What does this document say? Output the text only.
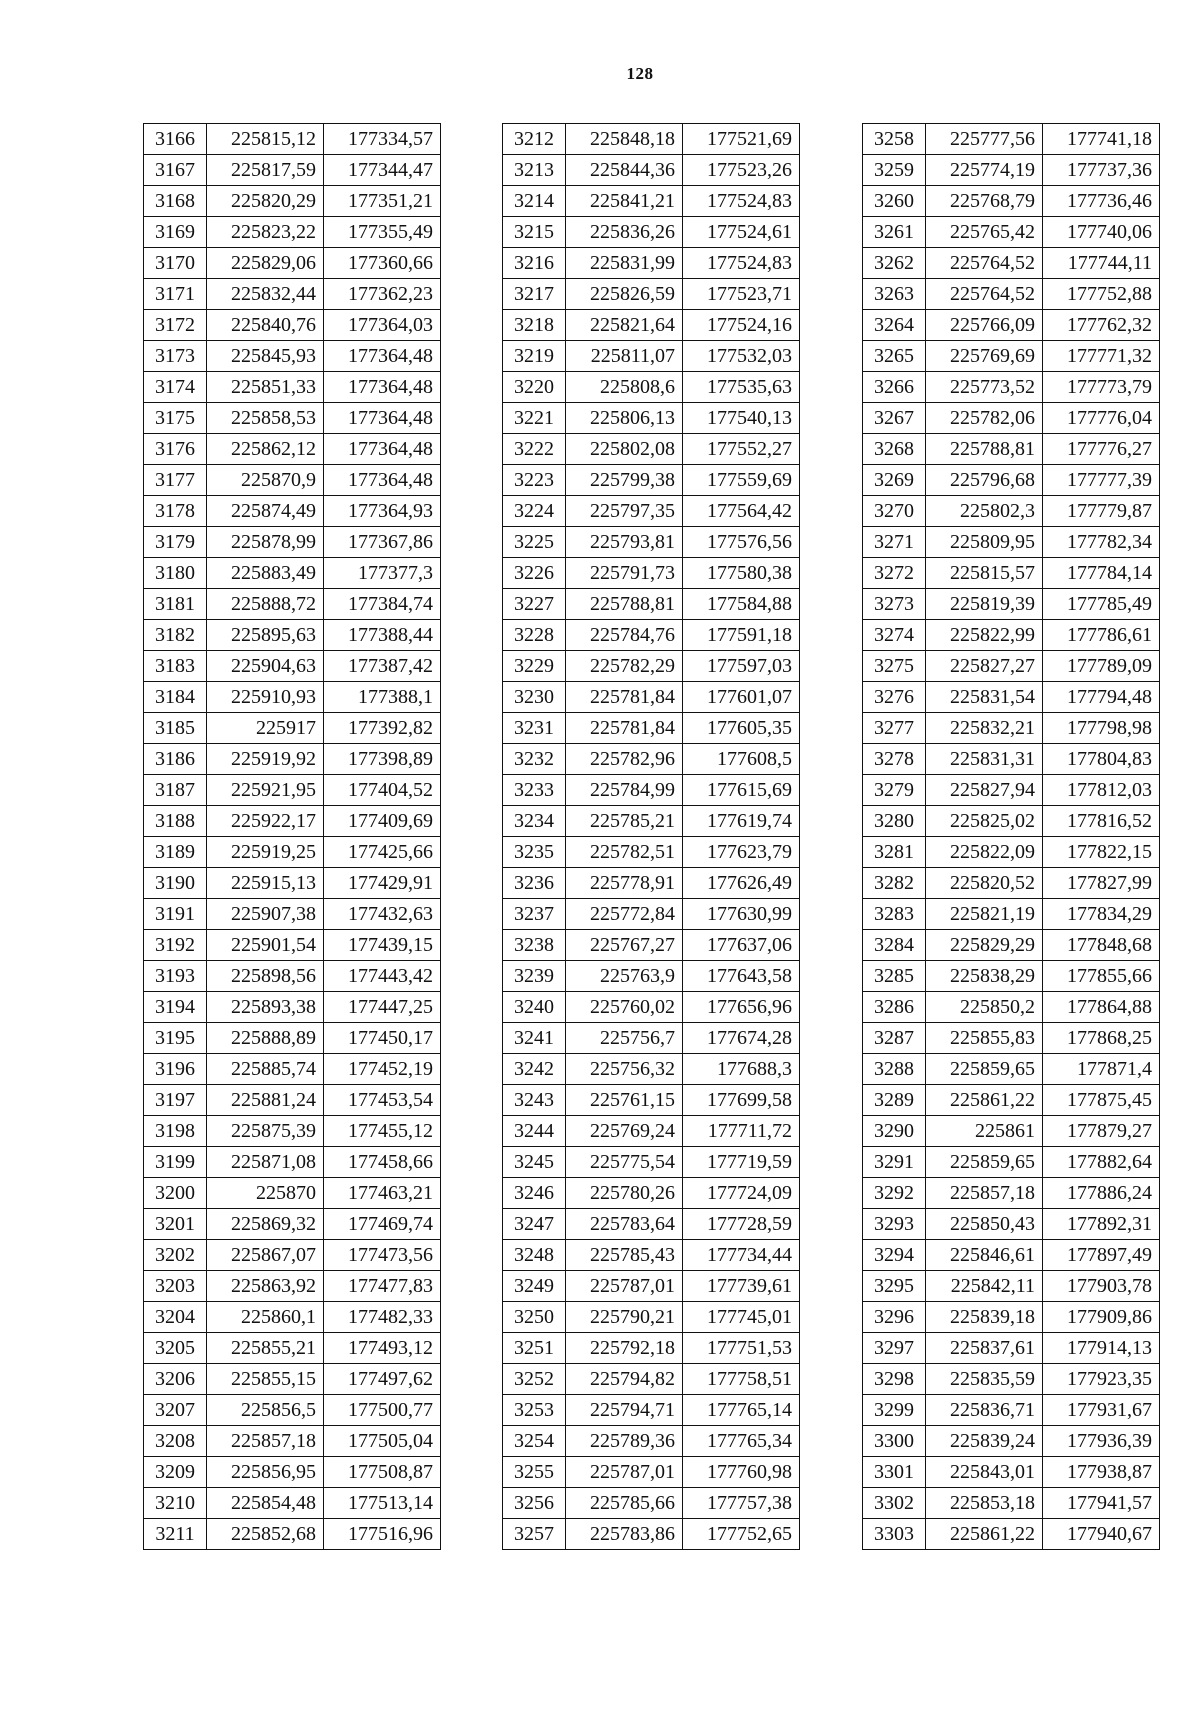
128
3166	225815,12	177334,57
3167	225817,59	177344,47
3168	225820,29	177351,21
3169	225823,22	177355,49
3170	225829,06	177360,66
3171	225832,44	177362,23
3172	225840,76	177364,03
3173	225845,93	177364,48
3174	225851,33	177364,48
3175	225858,53	177364,48
3176	225862,12	177364,48
3177	225870,9	177364,48
3178	225874,49	177364,93
3179	225878,99	177367,86
3180	225883,49	177377,3
3181	225888,72	177384,74
3182	225895,63	177388,44
3183	225904,63	177387,42
3184	225910,93	177388,1
3185	225917	177392,82
3186	225919,92	177398,89
3187	225921,95	177404,52
3188	225922,17	177409,69
3189	225919,25	177425,66
3190	225915,13	177429,91
3191	225907,38	177432,63
3192	225901,54	177439,15
3193	225898,56	177443,42
3194	225893,38	177447,25
3195	225888,89	177450,17
3196	225885,74	177452,19
3197	225881,24	177453,54
3198	225875,39	177455,12
3199	225871,08	177458,66
3200	225870	177463,21
3201	225869,32	177469,74
3202	225867,07	177473,56
3203	225863,92	177477,83
3204	225860,1	177482,33
3205	225855,21	177493,12
3206	225855,15	177497,62
3207	225856,5	177500,77
3208	225857,18	177505,04
3209	225856,95	177508,87
3210	225854,48	177513,14
3211	225852,68	177516,96
3212	225848,18	177521,69
3213	225844,36	177523,26
3214	225841,21	177524,83
3215	225836,26	177524,61
3216	225831,99	177524,83
3217	225826,59	177523,71
3218	225821,64	177524,16
3219	225811,07	177532,03
3220	225808,6	177535,63
3221	225806,13	177540,13
3222	225802,08	177552,27
3223	225799,38	177559,69
3224	225797,35	177564,42
3225	225793,81	177576,56
3226	225791,73	177580,38
3227	225788,81	177584,88
3228	225784,76	177591,18
3229	225782,29	177597,03
3230	225781,84	177601,07
3231	225781,84	177605,35
3232	225782,96	177608,5
3233	225784,99	177615,69
3234	225785,21	177619,74
3235	225782,51	177623,79
3236	225778,91	177626,49
3237	225772,84	177630,99
3238	225767,27	177637,06
3239	225763,9	177643,58
3240	225760,02	177656,96
3241	225756,7	177674,28
3242	225756,32	177688,3
3243	225761,15	177699,58
3244	225769,24	177711,72
3245	225775,54	177719,59
3246	225780,26	177724,09
3247	225783,64	177728,59
3248	225785,43	177734,44
3249	225787,01	177739,61
3250	225790,21	177745,01
3251	225792,18	177751,53
3252	225794,82	177758,51
3253	225794,71	177765,14
3254	225789,36	177765,34
3255	225787,01	177760,98
3256	225785,66	177757,38
3257	225783,86	177752,65
3258	225777,56	177741,18
3259	225774,19	177737,36
3260	225768,79	177736,46
3261	225765,42	177740,06
3262	225764,52	177744,11
3263	225764,52	177752,88
3264	225766,09	177762,32
3265	225769,69	177771,32
3266	225773,52	177773,79
3267	225782,06	177776,04
3268	225788,81	177776,27
3269	225796,68	177777,39
3270	225802,3	177779,87
3271	225809,95	177782,34
3272	225815,57	177784,14
3273	225819,39	177785,49
3274	225822,99	177786,61
3275	225827,27	177789,09
3276	225831,54	177794,48
3277	225832,21	177798,98
3278	225831,31	177804,83
3279	225827,94	177812,03
3280	225825,02	177816,52
3281	225822,09	177822,15
3282	225820,52	177827,99
3283	225821,19	177834,29
3284	225829,29	177848,68
3285	225838,29	177855,66
3286	225850,2	177864,88
3287	225855,83	177868,25
3288	225859,65	177871,4
3289	225861,22	177875,45
3290	225861	177879,27
3291	225859,65	177882,64
3292	225857,18	177886,24
3293	225850,43	177892,31
3294	225846,61	177897,49
3295	225842,11	177903,78
3296	225839,18	177909,86
3297	225837,61	177914,13
3298	225835,59	177923,35
3299	225836,71	177931,67
3300	225839,24	177936,39
3301	225843,01	177938,87
3302	225853,18	177941,57
3303	225861,22	177940,67
